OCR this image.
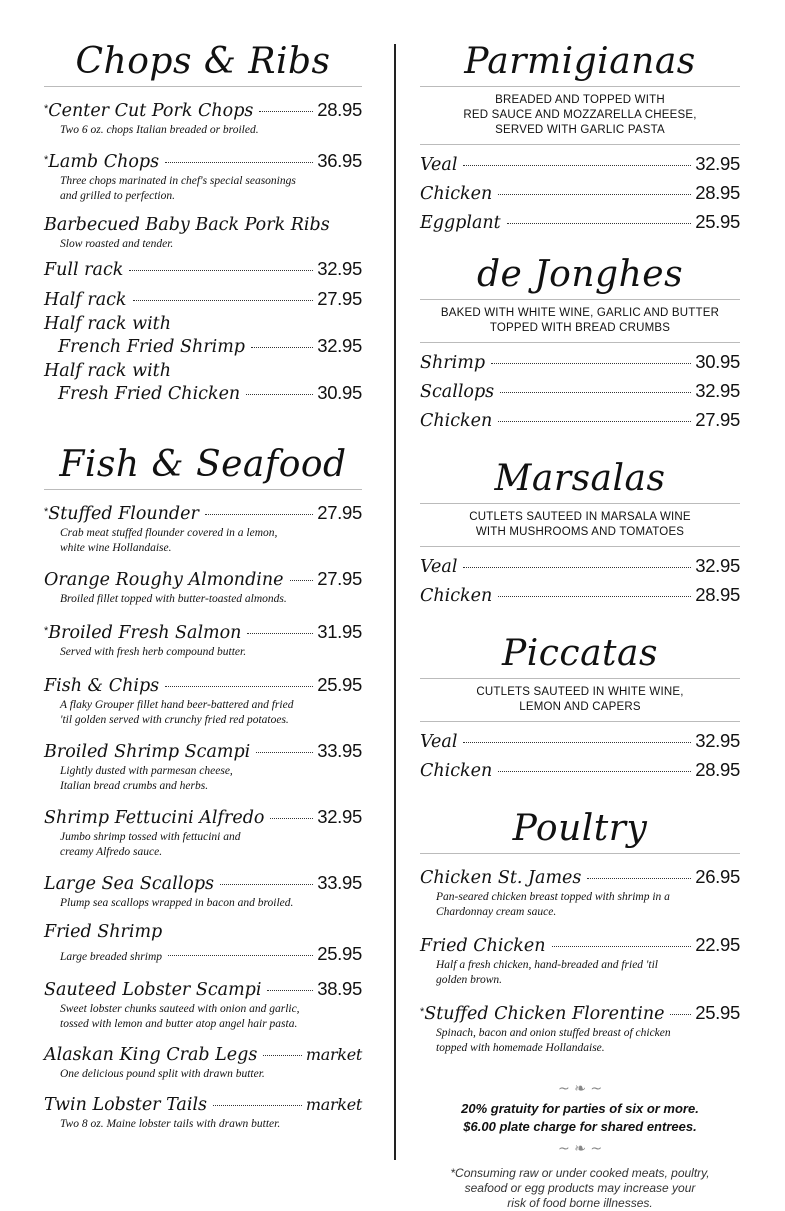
Chops & Ribs
*Center Cut Pork Chops	28.95
Two 6 oz. chops Italian breaded or broiled.
*Lamb Chops	36.95
Three chops marinated in chef's special seasonings
and grilled to perfection.
Barbecued Baby Back Pork Ribs
Slow roasted and tender.
Full rack	32.95
Half rack	27.95
Half rack with
French Fried Shrimp	32.95
Half rack with
Fresh Fried Chicken	30.95
Fish & Seafood
*Stuffed Flounder	27.95
Crab meat stuffed flounder covered in a lemon,
white wine Hollandaise.
Orange Roughy Almondine 27.95
Broiled fillet topped with butter-toasted almonds.
*Broiled Fresh Salmon	31.95
Served with fresh herb compound butter.
Fish & Chips	25.95
A flaky Grouper fillet hand beer-battered and fried
'til golden served with crunchy fried red potatoes.
Broiled Shrimp Scampi	33.95
Lightly dusted with parmesan cheese,
Italian bread crumbs and herbs.
Shrimp Fettucini Alfredo	32.95
Jumbo shrimp tossed with fettucini and
creamy Alfredo sauce.
Large Sea Scallops	33.95
Plump sea scallops wrapped in bacon and broiled.
Fried Shrimp
Large breaded shrimp	25.95
Sauteed Lobster Scampi	38.95
Sweet lobster chunks sauteed with onion and garlic,
tossed with lemon and butter atop angel hair pasta.
Alaskan King Crab Legs	market
One delicious pound split with drawn butter.
Twin Lobster Tails	market
Two 8 oz. Maine lobster tails with drawn butter.
Parmigianas
BREADED AND TOPPED WITH
RED SAUCE AND MOZZARELLA CHEESE,
SERVED WITH GARLIC PASTA
Veal	32.95
Chicken	28.95
Eggplant	25.95
de Jonghes
BAKED WITH WHITE WINE, GARLIC AND BUTTER
TOPPED WITH BREAD CRUMBS
Shrimp	30.95
Scallops	32.95
Chicken	27.95
Marsalas
CUTLETS SAUTEED IN MARSALA WINE
WITH MUSHROOMS AND TOMATOES
Veal	32.95
Chicken	28.95
Piccatas
CUTLETS SAUTEED IN WHITE WINE,
LEMON AND CAPERS
Veal	32.95
Chicken	28.95
Poultry
Chicken St. James	26.95
Pan-seared chicken breast topped with shrimp in a
Chardonnay cream sauce.
Fried Chicken	22.95
Half a fresh chicken, hand-breaded and fried 'til
golden brown.
*Stuffed Chicken Florentine 25.95
Spinach, bacon and onion stuffed breast of chicken
topped with homemade Hollandaise.
~ ❧ ~
20% gratuity for parties of six or more.
$6.00 plate charge for shared entrees.
~ ❧ ~
*Consuming raw or under cooked meats, poultry,
seafood or egg products may increase your
risk of food borne illnesses.
